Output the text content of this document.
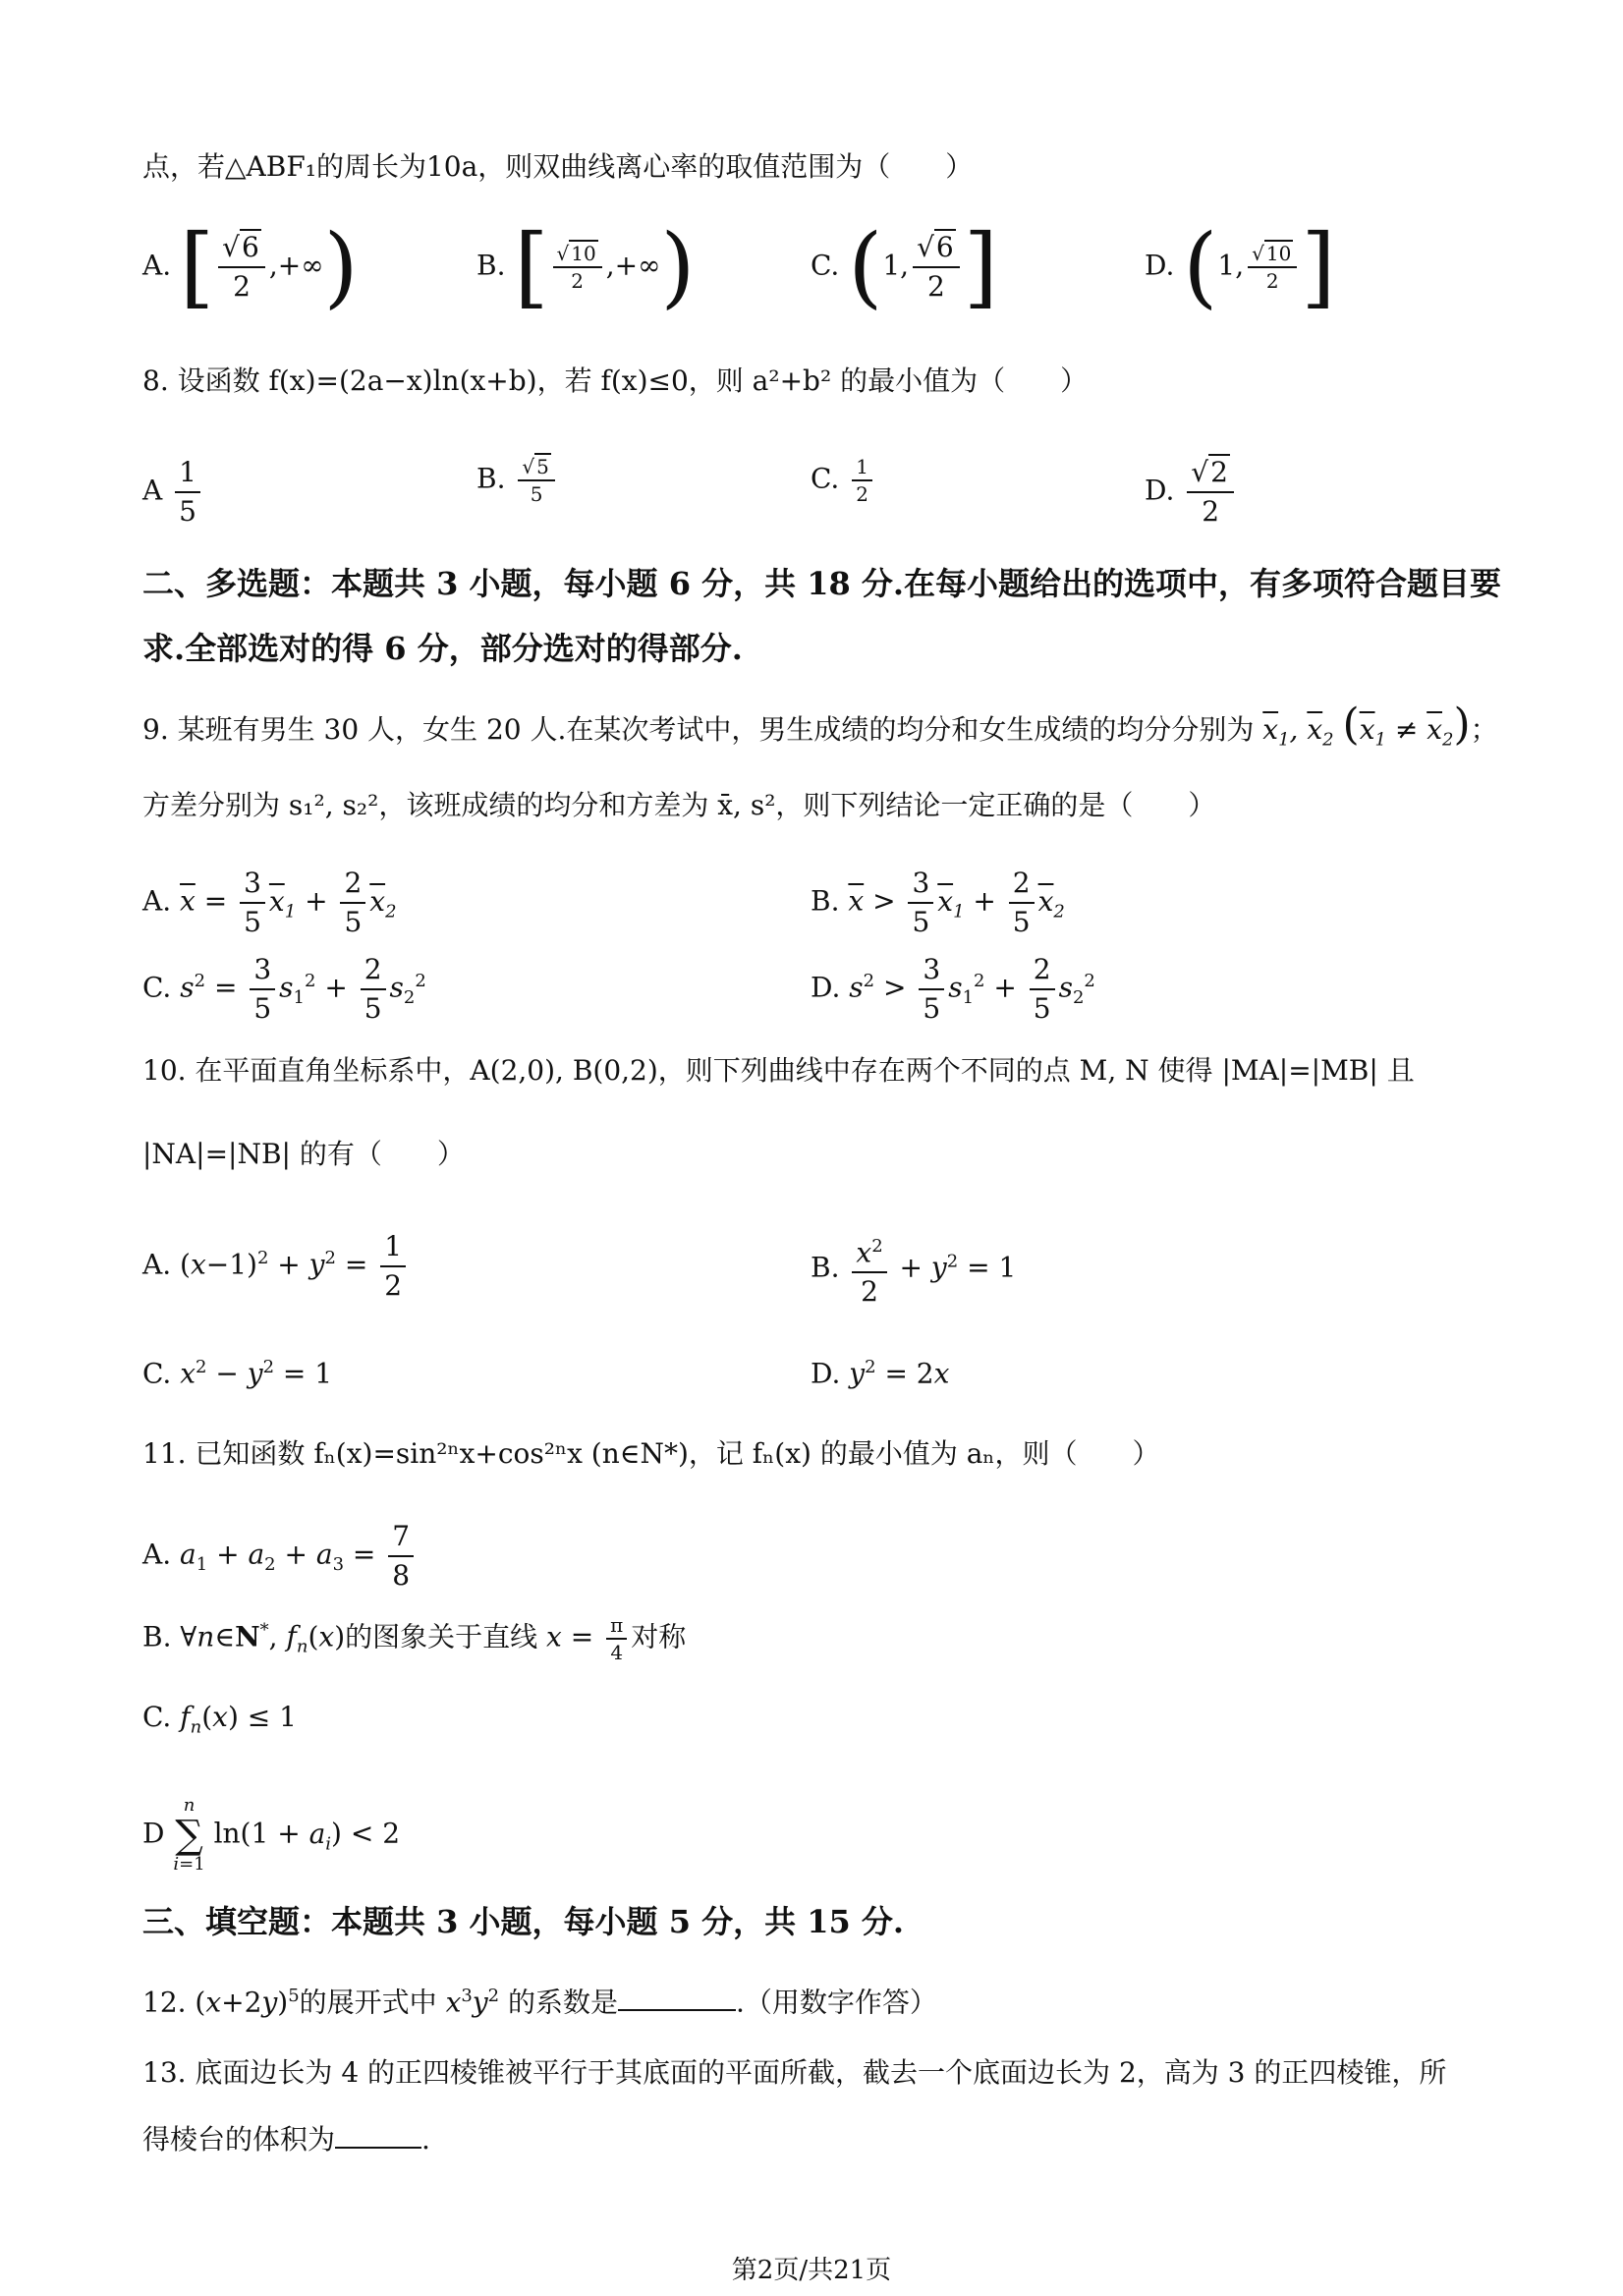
点，若△ABF₁的周长为10a，则双曲线离心率的取值范围为（　　）
A. [ $\frac{√6}{2}$ ,+∞)	B. [ $\frac{√ 10}{2}$ ,+∞)	C. (1, $\frac{√6}{2}$ ]	D. (1, $\frac{√ 10}{2}$ ]
8. 设函数 f(x)=(2a−x)ln(x+b)，若 f(x)≤0，则 a²+b² 的最小值为（　　）
A $\frac{1}{5}$	B. $\frac{√ 5}{5}$	C. $\frac{1}{2}$	D. $\frac{√2}{2}$
二、多选题：本题共 3 小题，每小题 6 分，共 18 分.在每小题给出的选项中，有多项符合题目要
求.全部选对的得 6 分，部分选对的得部分.
9. 某班有男生 30 人，女生 20 人.在某次考试中，男生成绩的均分和女生成绩的均分分别为 $\overline{x}_1$, $\overline{x}_2$ $(\overline{x}_1 \ne \overline{x}_2)$；
方差分别为 s₁², s₂²，该班成绩的均分和方差为 x̄, s²，则下列结论一定正确的是（　　）
A. $\overline{x} = \frac{3}{5} \overline{x}_1 + \frac{2}{5} \overline{x}_2$	B. $\overline{x} > \frac{3}{5} \overline{x}_1 + \frac{2}{5} \overline{x}_2$
C. $s^2 = \frac{3}{5} s_1^2 + \frac{2}{5} s_2^2$	D. $s^2 > \frac{3}{5} s_1^2 + \frac{2}{5} s_2^2$
10. 在平面直角坐标系中，A(2,0), B(0,2)，则下列曲线中存在两个不同的点 M, N 使得 |MA|=|MB| 且
|NA|=|NB| 的有（　　）
A. $(x-1)^2 + y^2 = \frac{1}{2}$	B. $\frac{x^2}{2} + y^2 = 1$
C. $x^2 - y^2 = 1$	D. $y^2 = 2x$
11. 已知函数 fₙ(x)=sin²ⁿx+cos²ⁿx (n∈N*)，记 fₙ(x) 的最小值为 aₙ，则（　　）
A. $a_1 + a_2 + a_3 = \frac{7}{8}$
B. ∀n∈N*, $f_n(x)$的图象关于直线 $x = \frac{\pi}{4}$ 对称
C. $f_n(x) \le 1$
D n
∑
i=1 $\ln(1 + a_i) < 2$
三、填空题：本题共 3 小题，每小题 5 分，共 15 分.
12. $(x+2y)^5$的展开式中 $x^3y^2$ 的系数是	.（用数字作答）
13. 底面边长为 4 的正四棱锥被平行于其底面的平面所截，截去一个底面边长为 2，高为 3 的正四棱锥，所
得棱台的体积为	.
第2页/共21页
